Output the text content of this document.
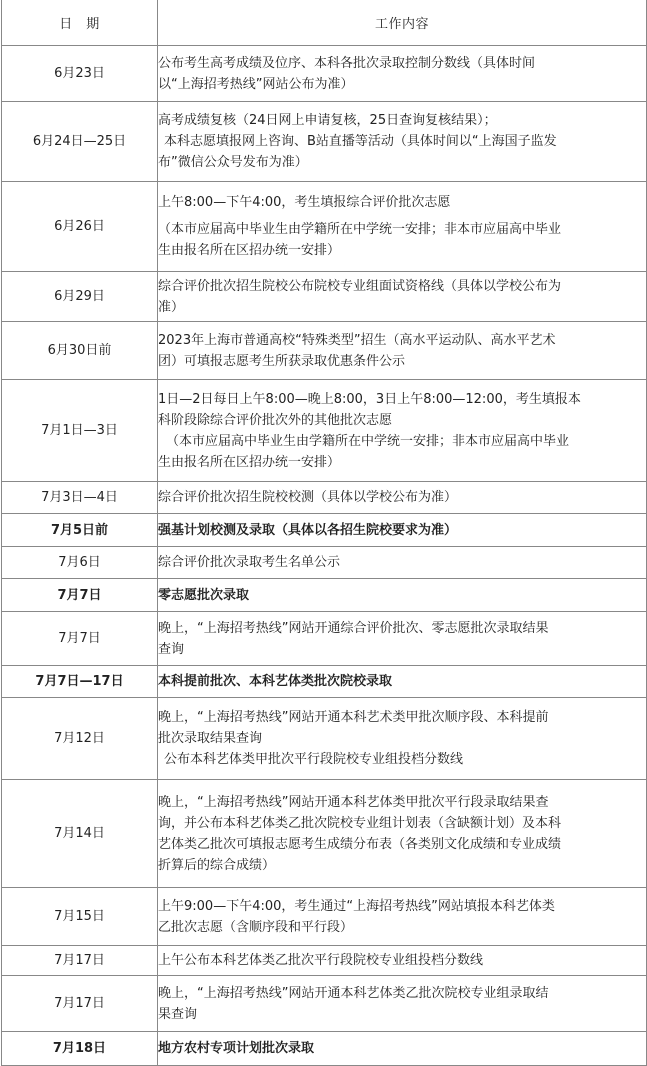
日　期	工作内容
6月23日	公布考生高考成绩及位序、本科各批次录取控制分数线（具体时间
以“上海招考热线”网站公布为准）

6月24日—25日	高考成绩复核（24日网上申请复核，25日查询复核结果）；
本科志愿填报网上咨询、B站直播等活动（具体时间以“上海国子监发
布”微信公众号发布为准）

6月26日	上午8:00—下午4:00，考生填报综合评价批次志愿
（本市应届高中毕业生由学籍所在中学统一安排；非本市应届高中毕业
生由报名所在区招办统一安排）

6月29日	综合评价批次招生院校公布院校专业组面试资格线（具体以学校公布为
准）

6月30日前	2023年上海市普通高校“特殊类型”招生（高水平运动队、高水平艺术
团）可填报志愿考生所获录取优惠条件公示

7月1日—3日	1日—2日每日上午8:00—晚上8:00，3日上午8:00—12:00，考生填报本
科阶段除综合评价批次外的其他批次志愿
（本市应届高中毕业生由学籍所在中学统一安排；非本市应届高中毕业
生由报名所在区招办统一安排）

7月3日—4日	综合评价批次招生院校校测（具体以学校公布为准）

7月5日前	强基计划校测及录取（具体以各招生院校要求为准）

7月6日	综合评价批次录取考生名单公示

7月7日	零志愿批次录取

7月7日	晚上，“上海招考热线”网站开通综合评价批次、零志愿批次录取结果
查询

7月7日—17日	本科提前批次、本科艺体类批次院校录取

7月12日	晚上，“上海招考热线”网站开通本科艺术类甲批次顺序段、本科提前
批次录取结果查询
公布本科艺体类甲批次平行段院校专业组投档分数线

7月14日	晚上，“上海招考热线”网站开通本科艺体类甲批次平行段录取结果查
询，并公布本科艺体类乙批次院校专业组计划表（含缺额计划）及本科
艺体类乙批次可填报志愿考生成绩分布表（各类别文化成绩和专业成绩
折算后的综合成绩）

7月15日	上午9:00—下午4:00，考生通过“上海招考热线”网站填报本科艺体类
乙批次志愿（含顺序段和平行段）

7月17日	上午公布本科艺体类乙批次平行段院校专业组投档分数线

7月17日	晚上，“上海招考热线”网站开通本科艺体类乙批次院校专业组录取结
果查询

7月18日	地方农村专项计划批次录取
